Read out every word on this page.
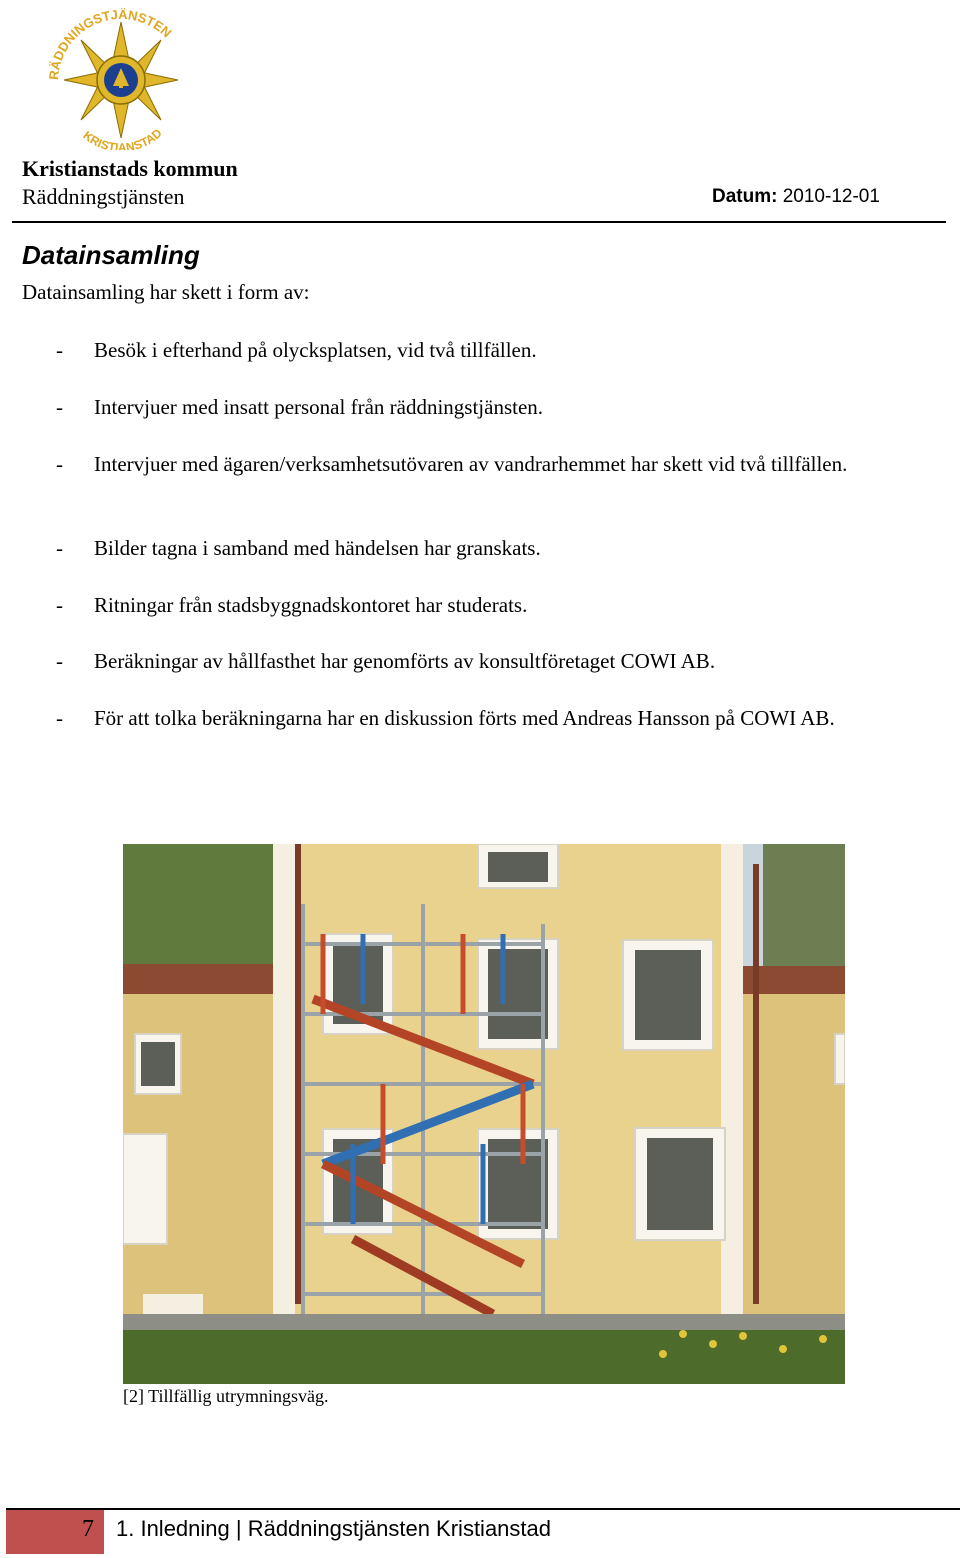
RÄDDNINGSTJÄNSTEN
KRISTIANSTAD
Kristianstads kommun
Räddningstjänsten	Datum: 2010-12-01
Datainsamling
Datainsamling har skett i form av:
- Besök i efterhand på olycksplatsen, vid två tillfällen.
- Intervjuer med insatt personal från räddningstjänsten.
- Intervjuer med ägaren/verksamhetsutövaren av vandrarhemmet har skett vid två tillfällen.
- Bilder tagna i samband med händelsen har granskats.
- Ritningar från stadsbyggnadskontoret har studerats.
- Beräkningar av hållfasthet har genomförts av konsultföretaget COWI AB.
- För att tolka beräkningarna har en diskussion förts med Andreas Hansson på COWI AB.
[2] Tillfällig utrymningsväg.
7 1. Inledning | Räddningstjänsten Kristianstad
